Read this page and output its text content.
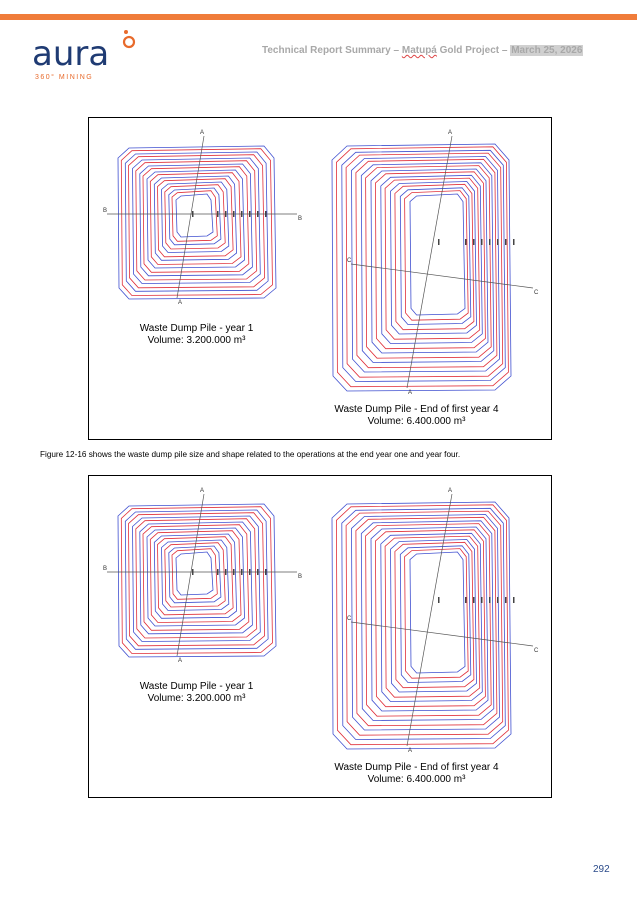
aura
360° MINING
Technical Report Summary – Matupá Gold Project – March 25, 2026
A
A
B
B
A
A
C
C
Waste Dump Pile - year 1
Volume: 3.200.000 m³
Waste Dump Pile - End of first year 4
Volume: 6.400.000 m³
Figure 12-16 shows the waste dump pile size and shape related to the operations at the end year one and year four.
A
A
B
B
A
A
C
C
Waste Dump Pile - year 1
Volume: 3.200.000 m³
Waste Dump Pile - End of first year 4
Volume: 6.400.000 m³
292
